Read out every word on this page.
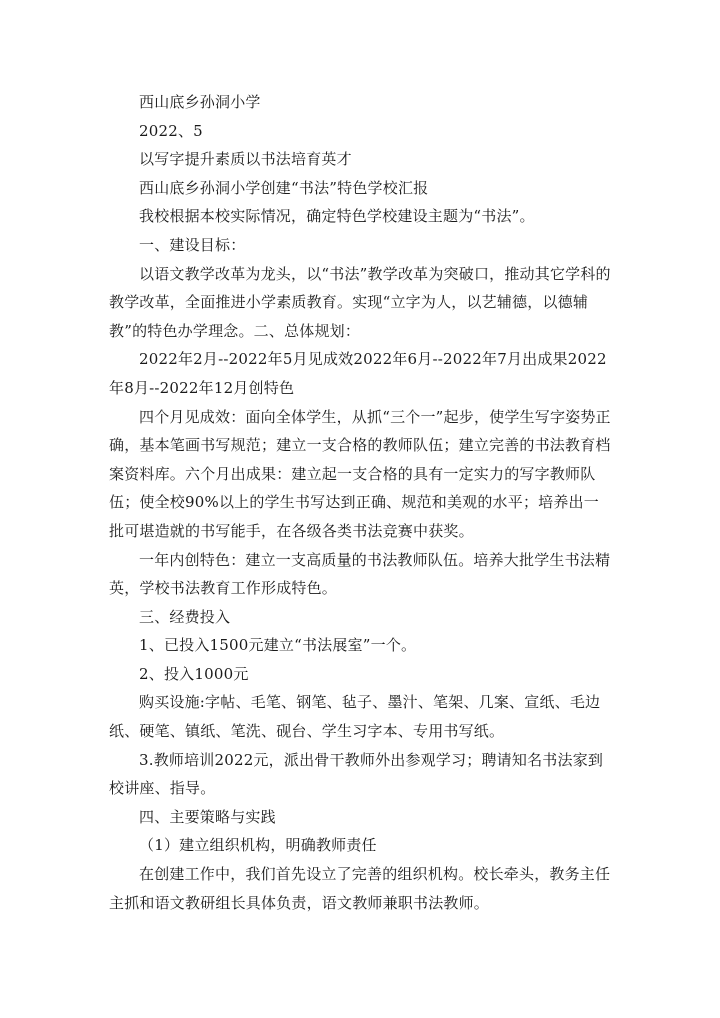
西山底乡孙洞小学

2022、5

以写字提升素质以书法培育英才

西山底乡孙洞小学创建“书法”特色学校汇报

我校根据本校实际情况，确定特色学校建设主题为“书法”。

一、建设目标：

以语文教学改革为龙头，以“书法”教学改革为突破口，推动其它学科的教学改革，全面推进小学素质教育。实现“立字为人，以艺辅德，以德辅教”的特色办学理念。二、总体规划：

2022年2月--2022年5月见成效2022年6月--2022年7月出成果2022年8月--2022年12月创特色

四个月见成效：面向全体学生，从抓“三个一”起步，使学生写字姿势正确，基本笔画书写规范；建立一支合格的教师队伍；建立完善的书法教育档案资料库。六个月出成果：建立起一支合格的具有一定实力的写字教师队伍；使全校90%以上的学生书写达到正确、规范和美观的水平；培养出一批可堪造就的书写能手，在各级各类书法竞赛中获奖。

一年内创特色：建立一支高质量的书法教师队伍。培养大批学生书法精英，学校书法教育工作形成特色。

三、经费投入

1、已投入1500元建立“书法展室”一个。

2、投入1000元

购买设施:字帖、毛笔、钢笔、毡子、墨汁、笔架、几案、宣纸、毛边纸、硬笔、镇纸、笔洗、砚台、学生习字本、专用书写纸。

3.教师培训2022元，派出骨干教师外出参观学习；聘请知名书法家到校讲座、指导。

四、主要策略与实践

（1）建立组织机构，明确教师责任

在创建工作中，我们首先设立了完善的组织机构。校长牵头，教务主任主抓和语文教研组长具体负责，语文教师兼职书法教师。
